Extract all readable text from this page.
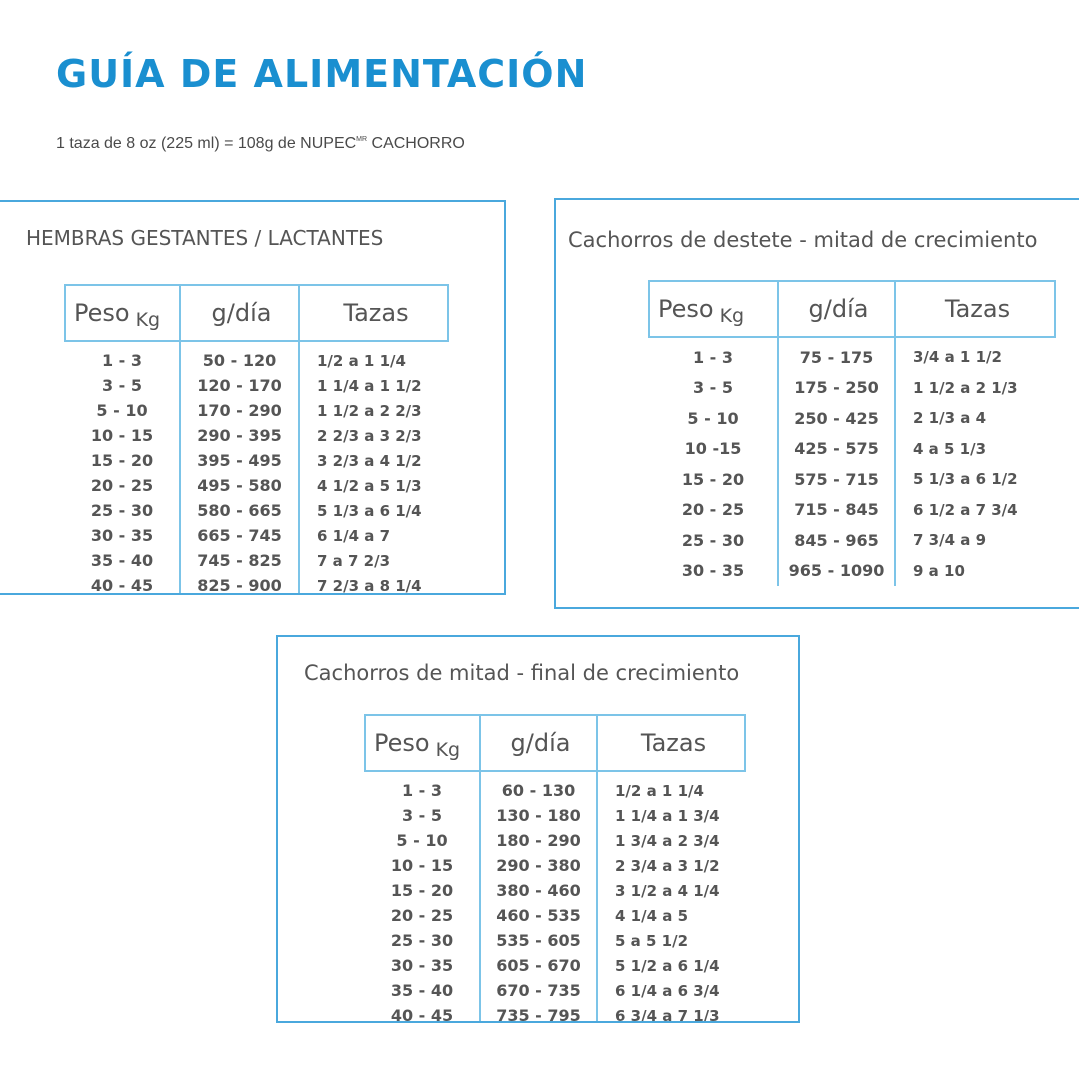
GUÍA DE ALIMENTACIÓN
1 taza de 8 oz (225 ml) = 108g de $NUPEC^{MR}$ CACHORRO
HEMBRAS GESTANTES / LACTANTES
Peso Kg	g/día	Tazas
1 - 3	50 - 120	1/2 a 1 1/4
3 - 5	120 - 170	1 1/4 a 1 1/2
5 - 10	170 - 290	1 1/2 a 2 2/3
10 - 15	290 - 395	2 2/3 a 3 2/3
15 - 20	395 - 495	3 2/3 a 4 1/2
20 - 25	495 - 580	4 1/2 a 5 1/3
25 - 30	580 - 665	5 1/3 a 6 1/4
30 - 35	665 - 745	6 1/4 a 7
35 - 40	745 - 825	7 a 7 2/3
40 - 45	825 - 900	7 2/3 a 8 1/4
Cachorros de destete - mitad de crecimiento
Peso Kg	g/día	Tazas
1 - 3	75 - 175	3/4 a 1 1/2
3 - 5	175 - 250	1 1/2 a 2 1/3
5 - 10	250 - 425	2 1/3 a 4
10 -15	425 - 575	4 a 5 1/3
15 - 20	575 - 715	5 1/3 a 6 1/2
20 - 25	715 - 845	6 1/2 a 7 3/4
25 - 30	845 - 965	7 3/4 a 9
30 - 35	965 - 1090	9 a 10
Cachorros de mitad - final de crecimiento
Peso Kg	g/día	Tazas
1 - 3	60 - 130	1/2 a 1 1/4
3 - 5	130 - 180	1 1/4 a 1 3/4
5 - 10	180 - 290	1 3/4 a 2 3/4
10 - 15	290 - 380	2 3/4 a 3 1/2
15 - 20	380 - 460	3 1/2 a 4 1/4
20 - 25	460 - 535	4 1/4 a 5
25 - 30	535 - 605	5 a 5 1/2
30 - 35	605 - 670	5 1/2 a 6 1/4
35 - 40	670 - 735	6 1/4 a 6 3/4
40 - 45	735 - 795	6 3/4 a 7 1/3
